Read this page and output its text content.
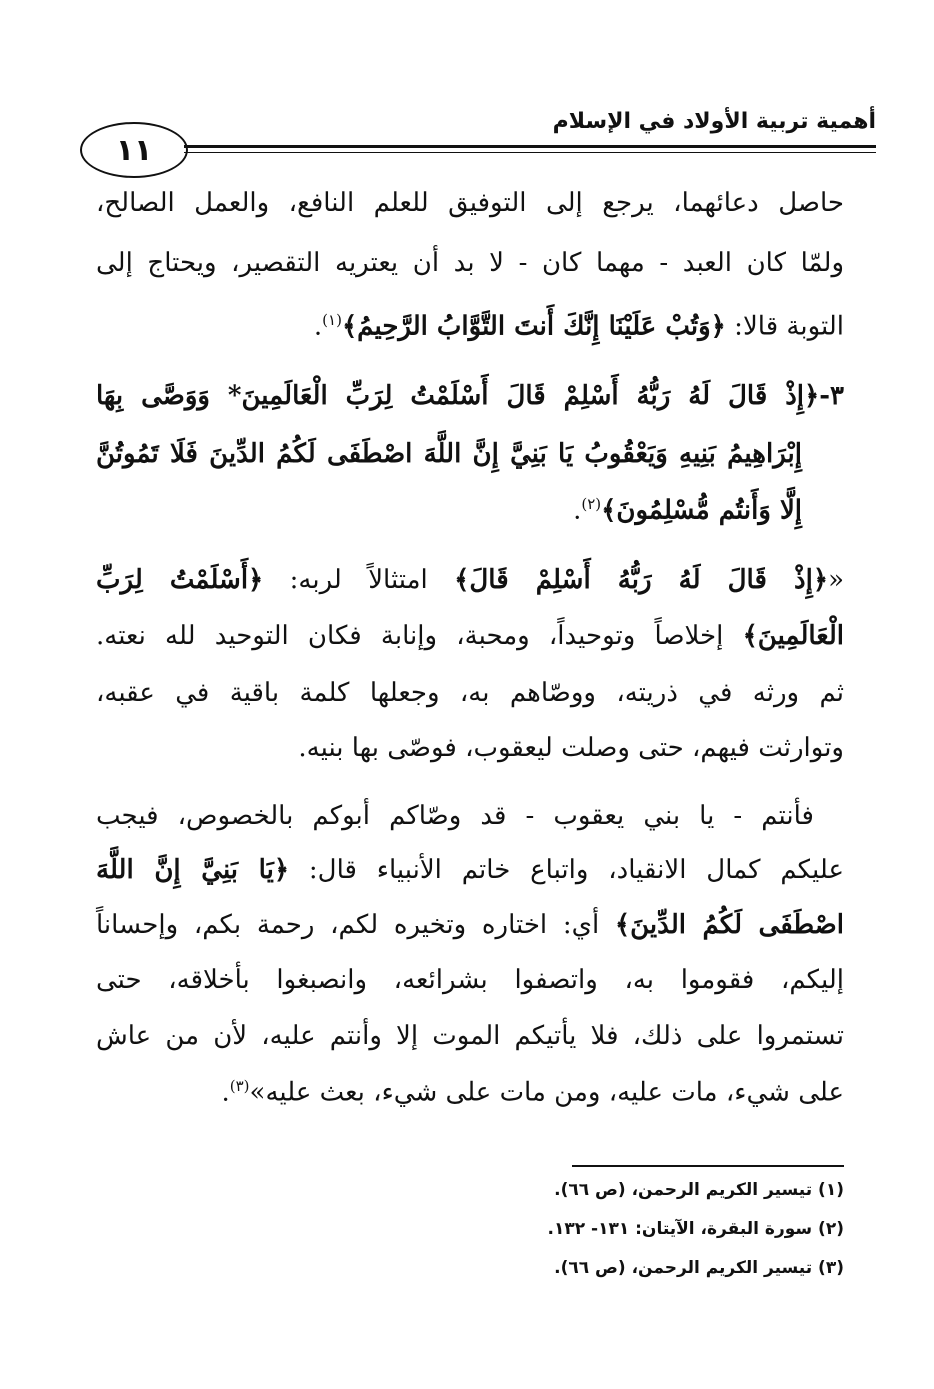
١١
أهمية تربية الأولاد في الإسلام
حاصل دعائهما، يرجع إلى التوفيق للعلم النافع، والعمل الصالح،
ولمّا كان العبد - مهما كان - لا بد أن يعتريه التقصير، ويحتاج إلى
التوبة قالا: ﴿وَتُبْ عَلَيْنَا إِنَّكَ أَنتَ التَّوَّابُ الرَّحِيمُ﴾$^{(١)}$.
٣-﴿إِذْ قَالَ لَهُ رَبُّهُ أَسْلِمْ قَالَ أَسْلَمْتُ لِرَبِّ الْعَالَمِينَ* وَوَصَّى بِهَا
إِبْرَاهِيمُ بَنِيهِ وَيَعْقُوبُ يَا بَنِيَّ إِنَّ اللَّهَ اصْطَفَى لَكُمُ الدِّينَ فَلَا تَمُوتُنَّ
إِلَّا وَأَنتُم مُّسْلِمُونَ﴾$^{(٢)}$.
«﴿إِذْ قَالَ لَهُ رَبُّهُ أَسْلِمْ قَالَ﴾ امتثالاً لربه: ﴿أَسْلَمْتُ لِرَبِّ
الْعَالَمِينَ﴾ إخلاصاً وتوحيداً، ومحبة، وإنابة فكان التوحيد لله نعته.
ثم ورثه في ذريته، ووصّاهم به، وجعلها كلمة باقية في عقبه،
وتوارثت فيهم، حتى وصلت ليعقوب، فوصّى بها بنيه.
فأنتم - يا بني يعقوب - قد وصّاكم أبوكم بالخصوص، فيجب
عليكم كمال الانقياد، واتباع خاتم الأنبياء قال: ﴿يَا بَنِيَّ إِنَّ اللَّهَ
اصْطَفَى لَكُمُ الدِّينَ﴾ أي: اختاره وتخيره لكم، رحمة بكم، وإحساناً
إليكم، فقوموا به، واتصفوا بشرائعه، وانصبغوا بأخلاقه، حتى
تستمروا على ذلك، فلا يأتيكم الموت إلا وأنتم عليه، لأن من عاش
على شيء، مات عليه، ومن مات على شيء، بعث عليه»$^{(٣)}$.
(١) تيسير الكريم الرحمن، (ص ٦٦).
(٢) سورة البقرة، الآيتان: ١٣١- ١٣٢.
(٣) تيسير الكريم الرحمن، (ص ٦٦).
